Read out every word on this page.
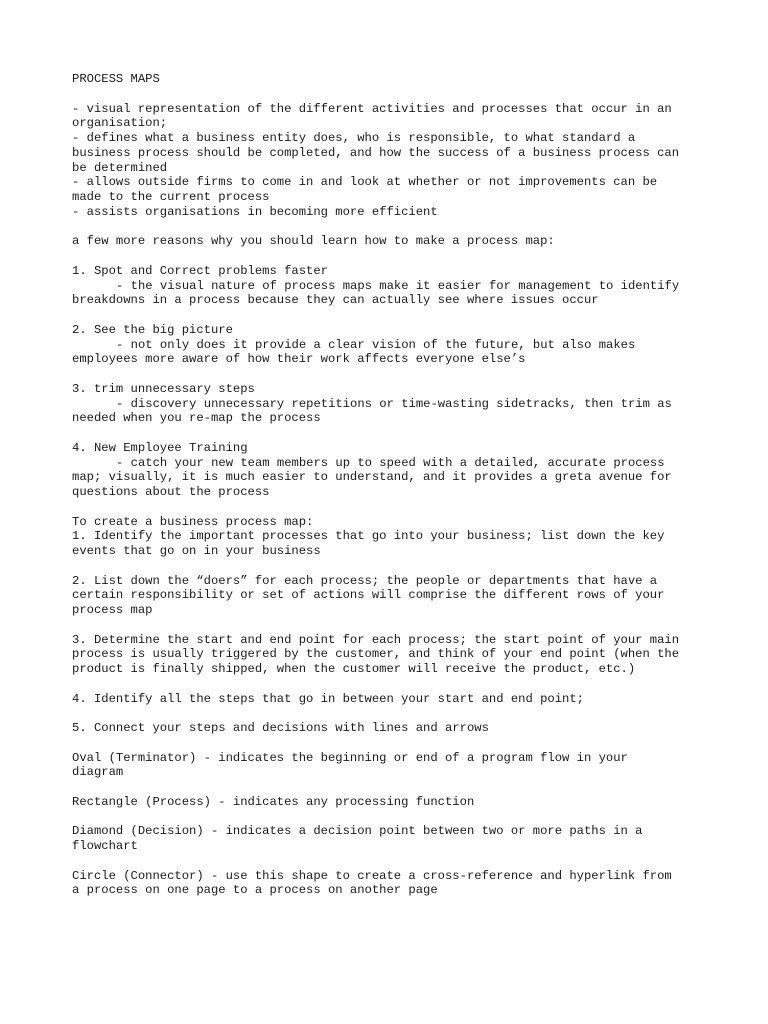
PROCESS MAPS
- visual representation of the different activities and processes that occur in an
organisation;
- defines what a business entity does, who is responsible, to what standard a
business process should be completed, and how the success of a business process can
be determined
- allows outside firms to come in and look at whether or not improvements can be
made to the current process
- assists organisations in becoming more efficient
a few more reasons why you should learn how to make a process map:
1. Spot and Correct problems faster
- the visual nature of process maps make it easier for management to identify
breakdowns in a process because they can actually see where issues occur
2. See the big picture
- not only does it provide a clear vision of the future, but also makes
employees more aware of how their work affects everyone else’s
3. trim unnecessary steps
- discovery unnecessary repetitions or time-wasting sidetracks, then trim as
needed when you re-map the process
4. New Employee Training
- catch your new team members up to speed with a detailed, accurate process
map; visually, it is much easier to understand, and it provides a greta avenue for
questions about the process
To create a business process map:
1. Identify the important processes that go into your business; list down the key
events that go on in your business
2. List down the “doers” for each process; the people or departments that have a
certain responsibility or set of actions will comprise the different rows of your
process map
3. Determine the start and end point for each process; the start point of your main
process is usually triggered by the customer, and think of your end point (when the
product is finally shipped, when the customer will receive the product, etc.)
4. Identify all the steps that go in between your start and end point;
5. Connect your steps and decisions with lines and arrows
Oval (Terminator) - indicates the beginning or end of a program flow in your
diagram
Rectangle (Process) - indicates any processing function
Diamond (Decision) - indicates a decision point between two or more paths in a
flowchart
Circle (Connector) - use this shape to create a cross-reference and hyperlink from
a process on one page to a process on another page
